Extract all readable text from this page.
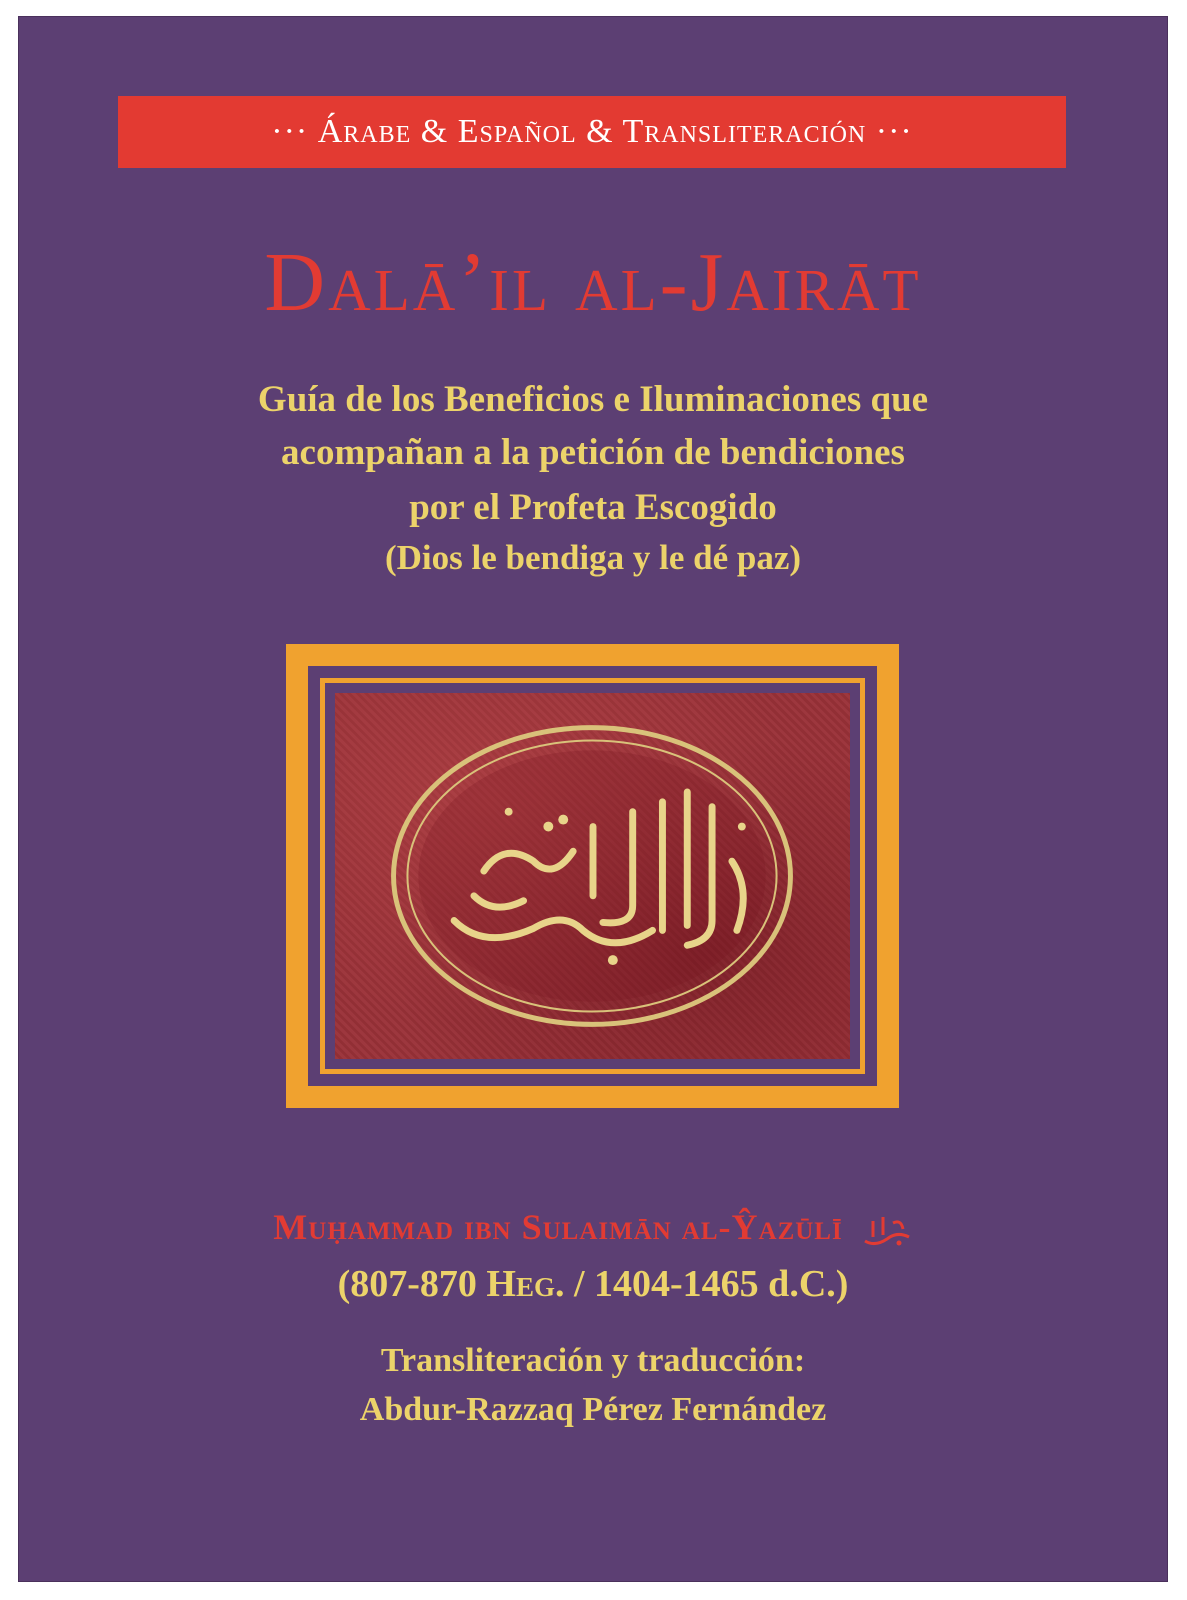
··· Árabe & Español & Transliteración ···
Dalā’il al-Jairāt
Guía de los Beneficios e Iluminaciones que
acompañan a la petición de bendiciones
por el Profeta Escogido
(Dios le bendiga y le dé paz)
Muḥammad ibn Sulaimān al-Ŷazūlī
(807-870 Heg. / 1404-1465 d.C.)
Transliteración y traducción:
Abdur-Razzaq Pérez Fernández
